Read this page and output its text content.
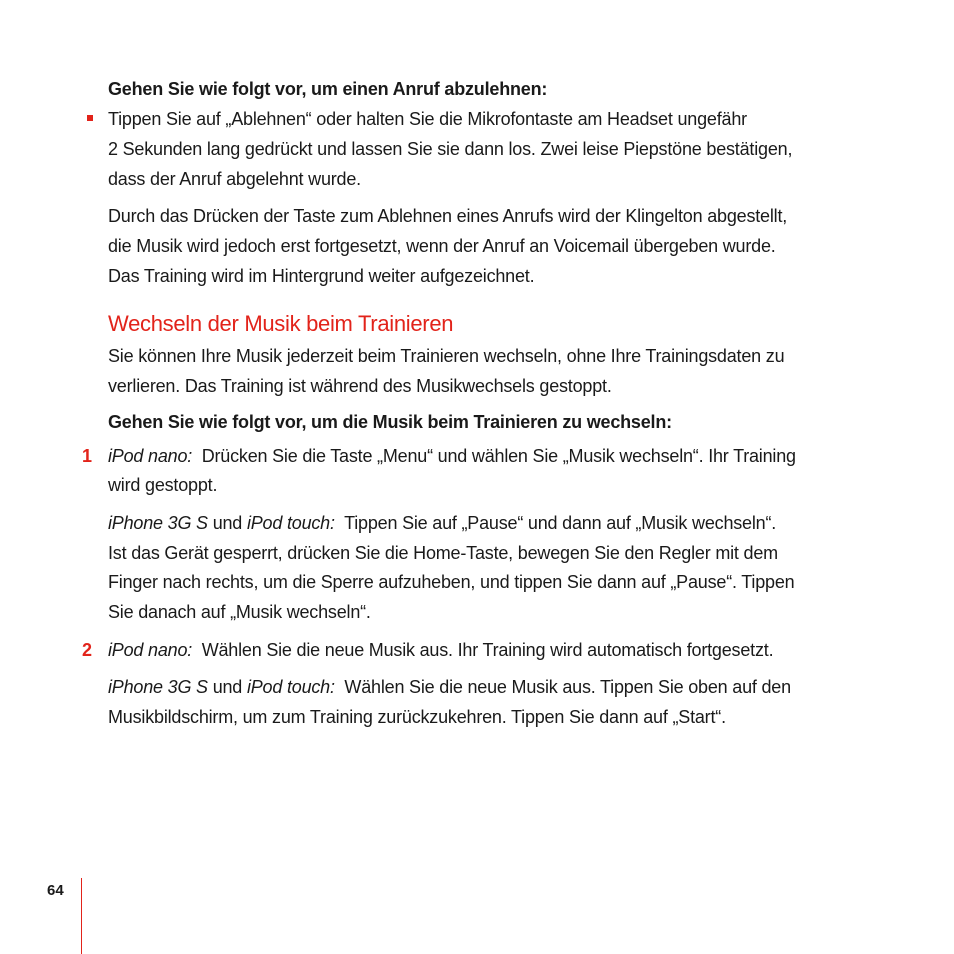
Gehen Sie wie folgt vor, um einen Anruf abzulehnen:

Tippen Sie auf „Ablehnen“ oder halten Sie die Mikrofontaste am Headset ungefähr

2 Sekunden lang gedrückt und lassen Sie sie dann los. Zwei leise Piepstöne bestätigen,

dass der Anruf abgelehnt wurde.

Durch das Drücken der Taste zum Ablehnen eines Anrufs wird der Klingelton abgestellt,

die Musik wird jedoch erst fortgesetzt, wenn der Anruf an Voicemail übergeben wurde.

Das Training wird im Hintergrund weiter aufgezeichnet.

Wechseln der Musik beim Trainieren

Sie können Ihre Musik jederzeit beim Trainieren wechseln, ohne Ihre Trainingsdaten zu

verlieren. Das Training ist während des Musikwechsels gestoppt.

Gehen Sie wie folgt vor, um die Musik beim Trainieren zu wechseln:

1 iPod nano: Drücken Sie die Taste „Menu“ und wählen Sie „Musik wechseln“. Ihr Training

wird gestoppt.

iPhone 3G S und iPod touch: Tippen Sie auf „Pause“ und dann auf „Musik wechseln“.

Ist das Gerät gesperrt, drücken Sie die Home-Taste, bewegen Sie den Regler mit dem

Finger nach rechts, um die Sperre aufzuheben, und tippen Sie dann auf „Pause“. Tippen

Sie danach auf „Musik wechseln“.

2 iPod nano: Wählen Sie die neue Musik aus. Ihr Training wird automatisch fortgesetzt.

iPhone 3G S und iPod touch: Wählen Sie die neue Musik aus. Tippen Sie oben auf den

Musikbildschirm, um zum Training zurückzukehren. Tippen Sie dann auf „Start“.

64
